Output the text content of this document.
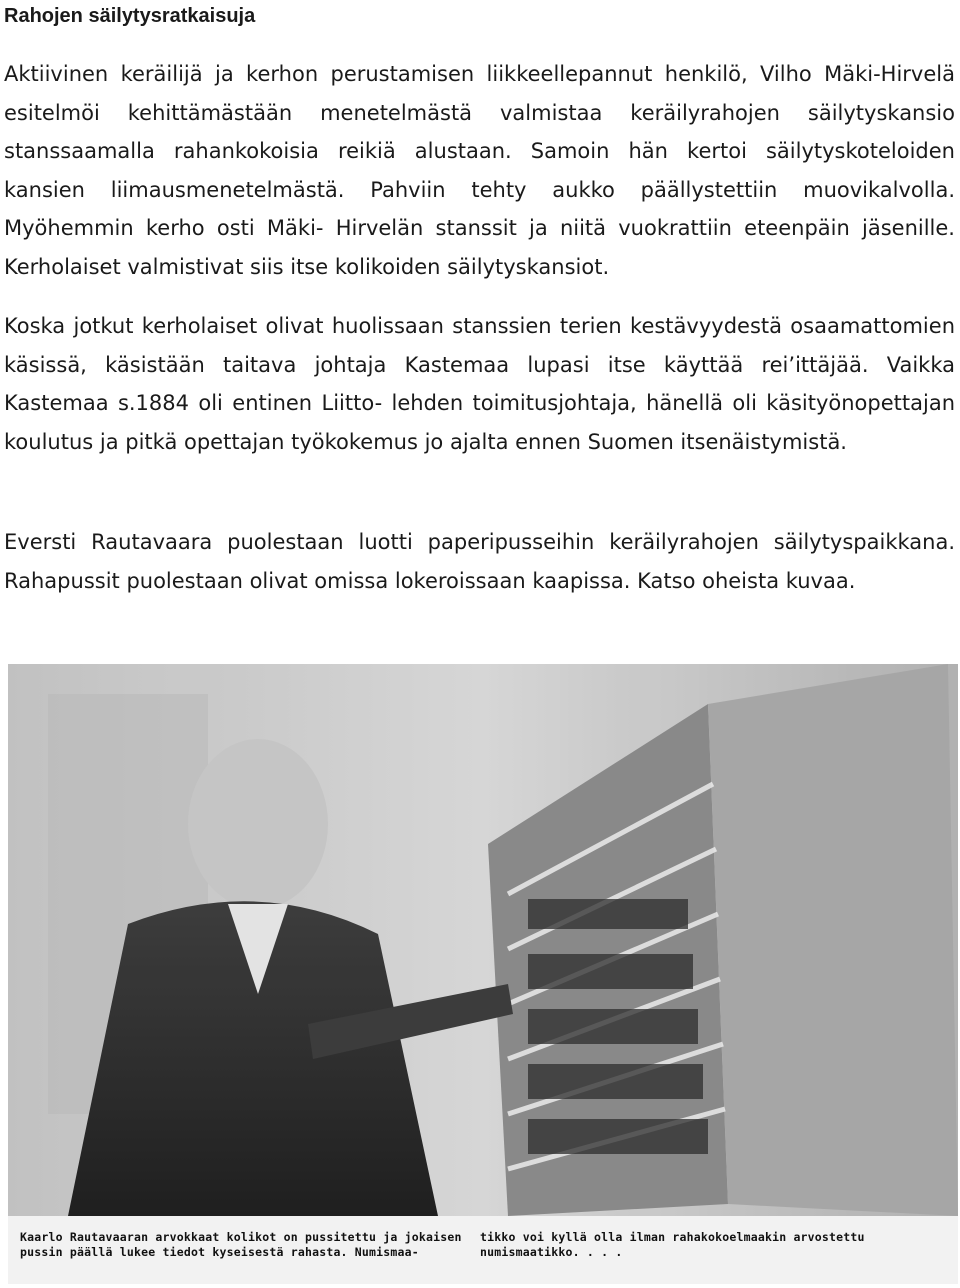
Rahojen säilytysratkaisuja

Aktiivinen keräilijä ja kerhon perustamisen liikkeellepannut henkilö, Vilho Mäki-Hirvelä esitelmöi kehittämästään menetelmästä valmistaa keräilyrahojen säilytyskansio stanssaamalla rahankokoisia reikiä alustaan. Samoin hän kertoi säilytyskoteloiden kansien liimausmenetelmästä. Pahviin tehty aukko päällystettiin muovikalvolla. Myöhemmin kerho osti Mäki- Hirvelän stanssit ja niitä vuokrattiin eteenpäin jäsenille. Kerholaiset valmistivat siis itse kolikoiden säilytyskansiot.

Koska jotkut kerholaiset olivat huolissaan stanssien terien kestävyydestä osaamattomien käsissä, käsistään taitava johtaja Kastemaa lupasi itse käyttää rei’ittäjää. Vaikka Kastemaa s.1884 oli entinen Liitto- lehden toimitusjohtaja, hänellä oli käsityönopettajan koulutus ja pitkä opettajan työkokemus jo ajalta ennen Suomen itsenäistymistä.

Eversti Rautavaara puolestaan luotti paperipusseihin keräilyrahojen säilytyspaikkana. Rahapussit puolestaan olivat omissa lokeroissaan kaapissa. Katso oheista kuvaa.

Kaarlo Rautavaaran arvokkaat kolikot on pussitettu ja jokaisen pussin päällä lukee tiedot kyseisestä rahasta. Numismaa-

tikko voi kyllä olla ilman rahakokoelmaakin arvostettu numismaatikko. . . .
